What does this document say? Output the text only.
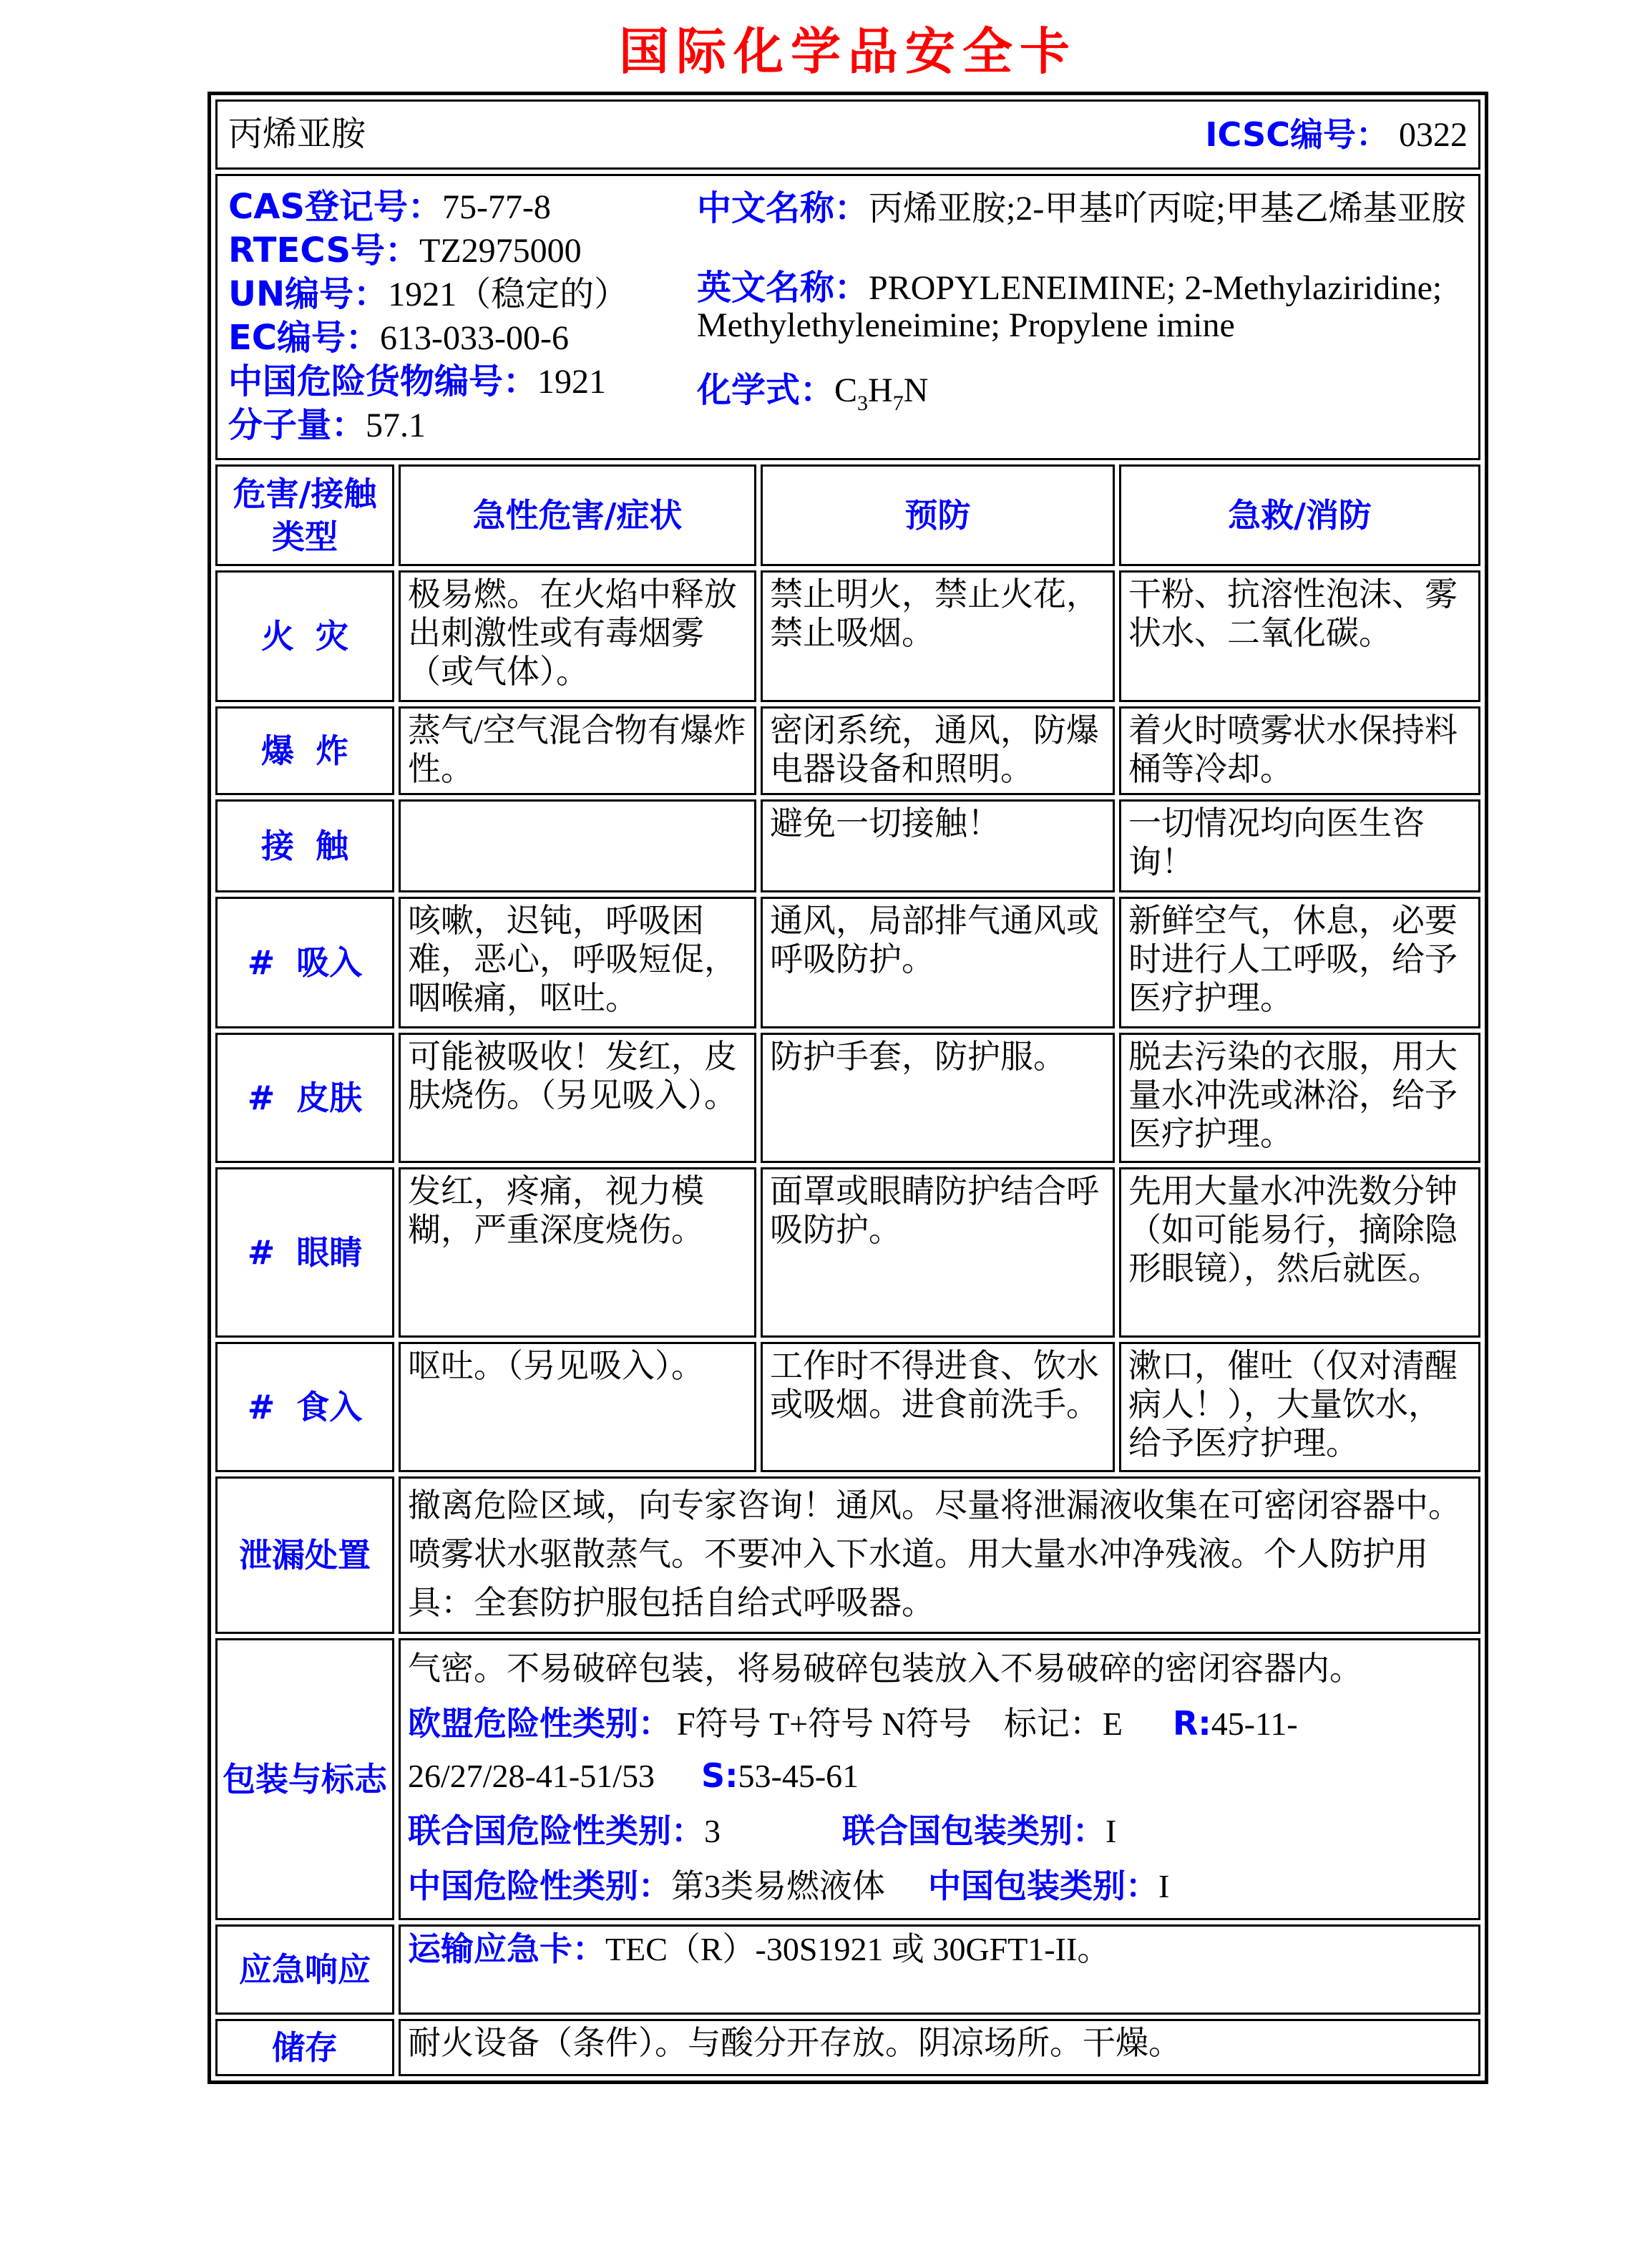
国际化学品安全卡
丙烯亚胺 ICSC编号： 0322			

CAS登记号：75-77-8
RTECS号：TZ2975000
UN编号：1921（稳定的）
EC编号：613-033-00-6
中国危险货物编号：1921
分子量：57.1

中文名称：丙烯亚胺;2-甲基吖丙啶;甲基乙烯基亚胺

英文名称：PROPYLENEIMINE; 2-Methylaziridine; Methylethyleneimine; Propylene imine

化学式：$C_3H_7N$

危害/接触类型	急性危害/症状	预防	急救/消防
火 灾	极易燃。在火焰中释放出刺激性或有毒烟雾（或气体）。	禁止明火，禁止火花，禁止吸烟。	干粉、抗溶性泡沫、雾状水、二氧化碳。
爆 炸	蒸气/空气混合物有爆炸性。	密闭系统，通风，防爆电器设备和照明。	着火时喷雾状水保持料桶等冷却。
接 触		避免一切接触！	一切情况均向医生咨询！
# 吸入	咳嗽，迟钝，呼吸困难，恶心，呼吸短促，咽喉痛，呕吐。	通风，局部排气通风或呼吸防护。	新鲜空气，休息，必要时进行人工呼吸，给予医疗护理。
# 皮肤	可能被吸收！发红，皮肤烧伤。（另见吸入）。	防护手套，防护服。	脱去污染的衣服，用大量水冲洗或淋浴，给予医疗护理。
# 眼睛	发红，疼痛，视力模糊，严重深度烧伤。	面罩或眼睛防护结合呼吸防护。	先用大量水冲洗数分钟（如可能易行，摘除隐形眼镜），然后就医。
# 食入	呕吐。（另见吸入）。	工作时不得进食、饮水或吸烟。进食前洗手。	漱口，催吐（仅对清醒病人！），大量饮水，给予医疗护理。
泄漏处置	撤离危险区域，向专家咨询！通风。尽量将泄漏液收集在可密闭容器中。喷雾状水驱散蒸气。不要冲入下水道。用大量水冲净残液。个人防护用具：全套防护服包括自给式呼吸器。		
包装与标志	气密。不易破碎包装，将易破碎包装放入不易破碎的密闭容器内。

欧盟危险性类别： F符号 T+符号 N符号 标记：E R:45-11-
26/27/28-41-51/53 S:53-45-61

联合国危险性类别：3 联合国包装类别：I

中国危险性类别：第3类易燃液体 中国包装类别：I		

应急响应	运输应急卡：TEC（R）-30S1921 或 30GFT1-II。		
储存	耐火设备（条件）。与酸分开存放。阴凉场所。干燥。		
